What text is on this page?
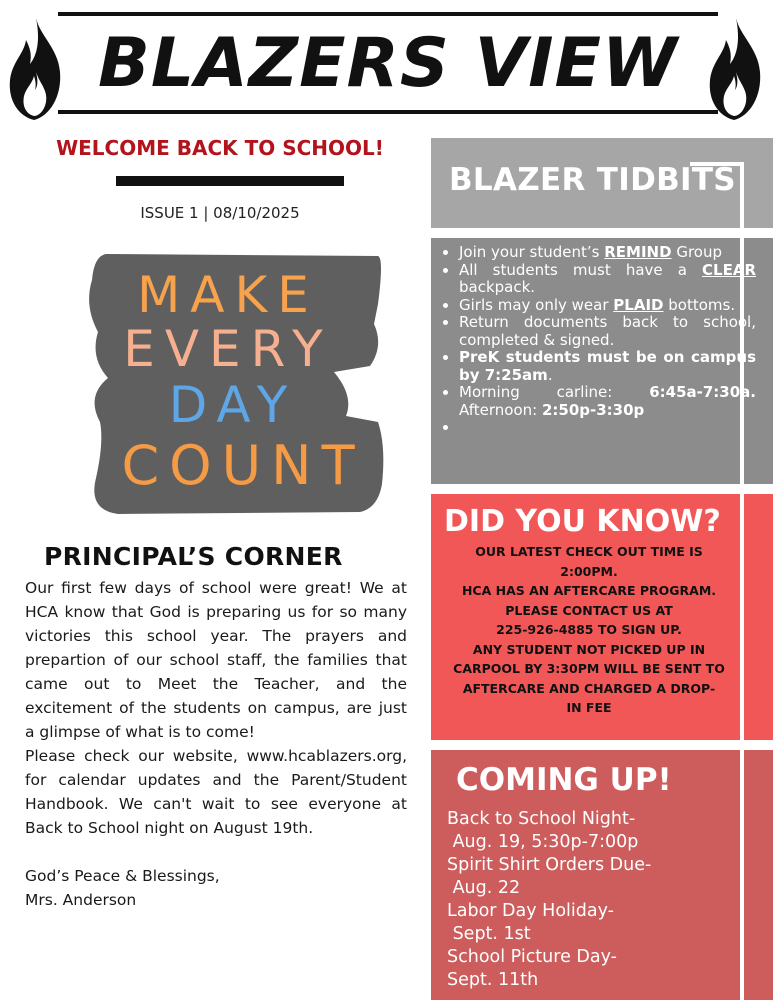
BLAZERS VIEW
WELCOME BACK TO SCHOOL!
ISSUE 1 | 08/10/2025
MAKE
EVERY
DAY
COUNT
PRINCIPAL’S CORNER

Our first few days of school were great! We at HCA know that God is preparing us for so many victories this school year. The prayers and prepartion of our school staff, the families that came out to Meet the Teacher, and the excitement of the students on campus, are just a glimpse of what is to come!

Please check our website, www.hcablazers.org, for calendar updates and the Parent/Student Handbook. We can't wait to see everyone at Back to School night on August 19th.

God’s Peace & Blessings,

Mrs. Anderson

BLAZER TIDBITS
• Join your student’s REMIND Group
• All students must have a CLEAR backpack.
• Girls may only wear PLAID bottoms.
• Return documents back to school, completed & signed.
• PreK students must be on campus by 7:25am.
• Morning carline: 6:45a-7:30a. Afternoon: 2:50p-3:30p
•
DID YOU KNOW?
OUR LATEST CHECK OUT TIME IS
2:00PM.
HCA HAS AN AFTERCARE PROGRAM.
PLEASE CONTACT US AT
225-926-4885 TO SIGN UP.
ANY STUDENT NOT PICKED UP IN
CARPOOL BY 3:30PM WILL BE SENT TO
AFTERCARE AND CHARGED A DROP-
IN FEE
COMING UP!
Back to School Night-
Aug. 19, 5:30p-7:00p
Spirit Shirt Orders Due-
Aug. 22
Labor Day Holiday-
Sept. 1st
School Picture Day-
Sept. 11th
